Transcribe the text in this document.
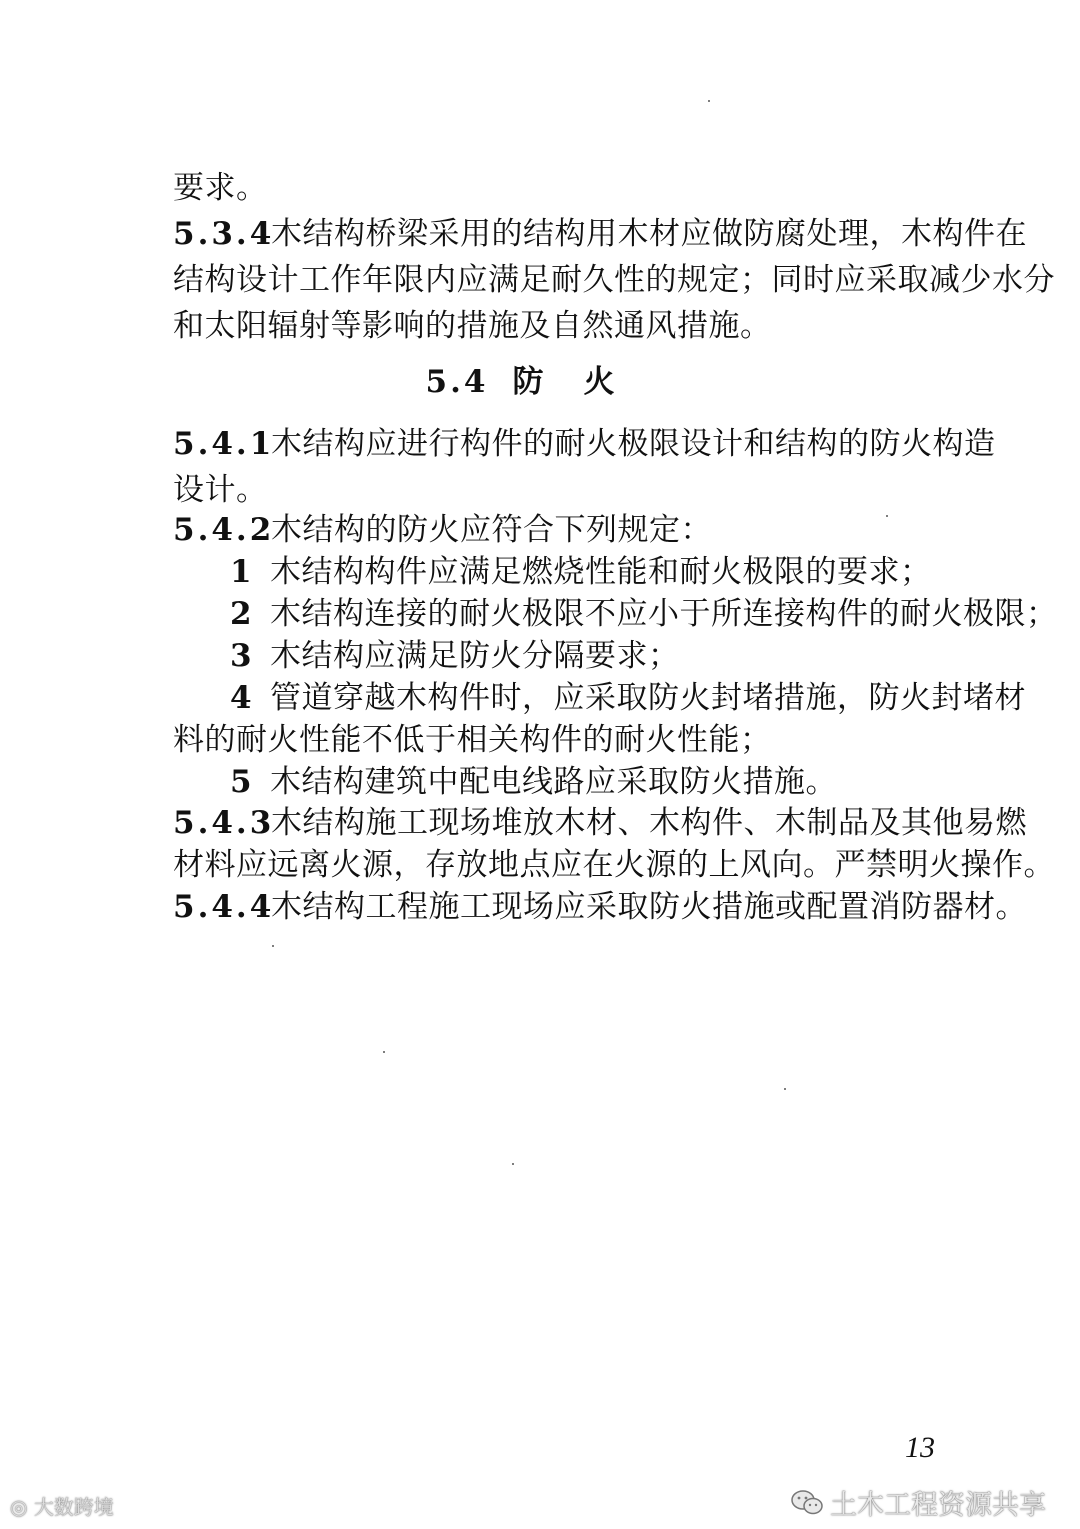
要求。
5.3.4木结构桥梁采用的结构用木材应做防腐处理，木构件在
结构设计工作年限内应满足耐久性的规定；同时应采取减少水分
和太阳辐射等影响的措施及自然通风措施。
5.4 防火
5.4.1木结构应进行构件的耐火极限设计和结构的防火构造
设计。
5.4.2木结构的防火应符合下列规定：
1 木结构构件应满足燃烧性能和耐火极限的要求；
2 木结构连接的耐火极限不应小于所连接构件的耐火极限；
3 木结构应满足防火分隔要求；
4 管道穿越木构件时，应采取防火封堵措施，防火封堵材
料的耐火性能不低于相关构件的耐火性能；
5 木结构建筑中配电线路应采取防火措施。
5.4.3木结构施工现场堆放木材、木构件、木制品及其他易燃
材料应远离火源，存放地点应在火源的上风向。严禁明火操作。
5.4.4木结构工程施工现场应采取防火措施或配置消防器材。
13
◎ 大数跨境	土木工程资源共享
